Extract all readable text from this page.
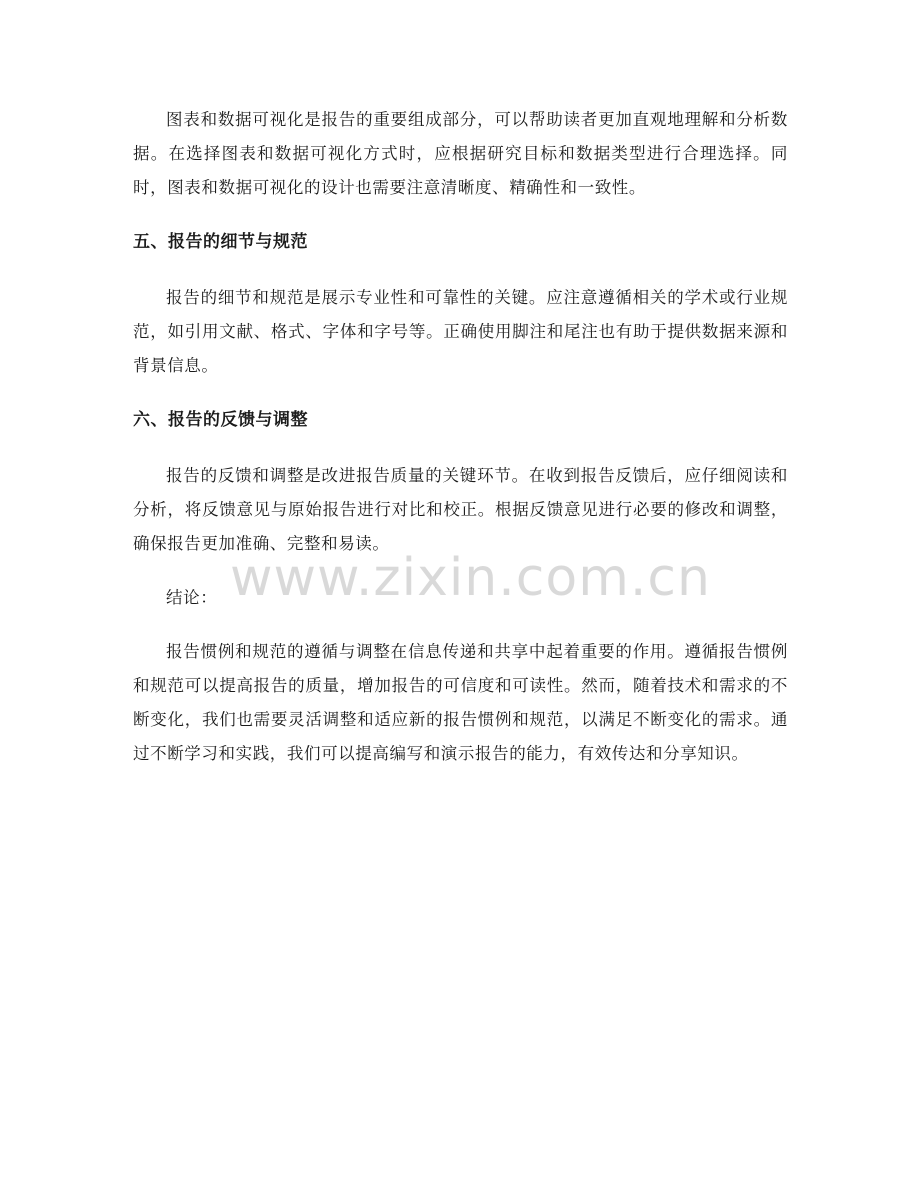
图表和数据可视化是报告的重要组成部分，可以帮助读者更加直观地理解和分析数据。在选择图表和数据可视化方式时，应根据研究目标和数据类型进行合理选择。同时，图表和数据可视化的设计也需要注意清晰度、精确性和一致性。

五、报告的细节与规范

报告的细节和规范是展示专业性和可靠性的关键。应注意遵循相关的学术或行业规范，如引用文献、格式、字体和字号等。正确使用脚注和尾注也有助于提供数据来源和背景信息。

六、报告的反馈与调整

报告的反馈和调整是改进报告质量的关键环节。在收到报告反馈后，应仔细阅读和分析，将反馈意见与原始报告进行对比和校正。根据反馈意见进行必要的修改和调整，确保报告更加准确、完整和易读。

结论：

报告惯例和规范的遵循与调整在信息传递和共享中起着重要的作用。遵循报告惯例和规范可以提高报告的质量，增加报告的可信度和可读性。然而，随着技术和需求的不断变化，我们也需要灵活调整和适应新的报告惯例和规范，以满足不断变化的需求。通过不断学习和实践，我们可以提高编写和演示报告的能力，有效传达和分享知识。

www.zixin.com.cn
